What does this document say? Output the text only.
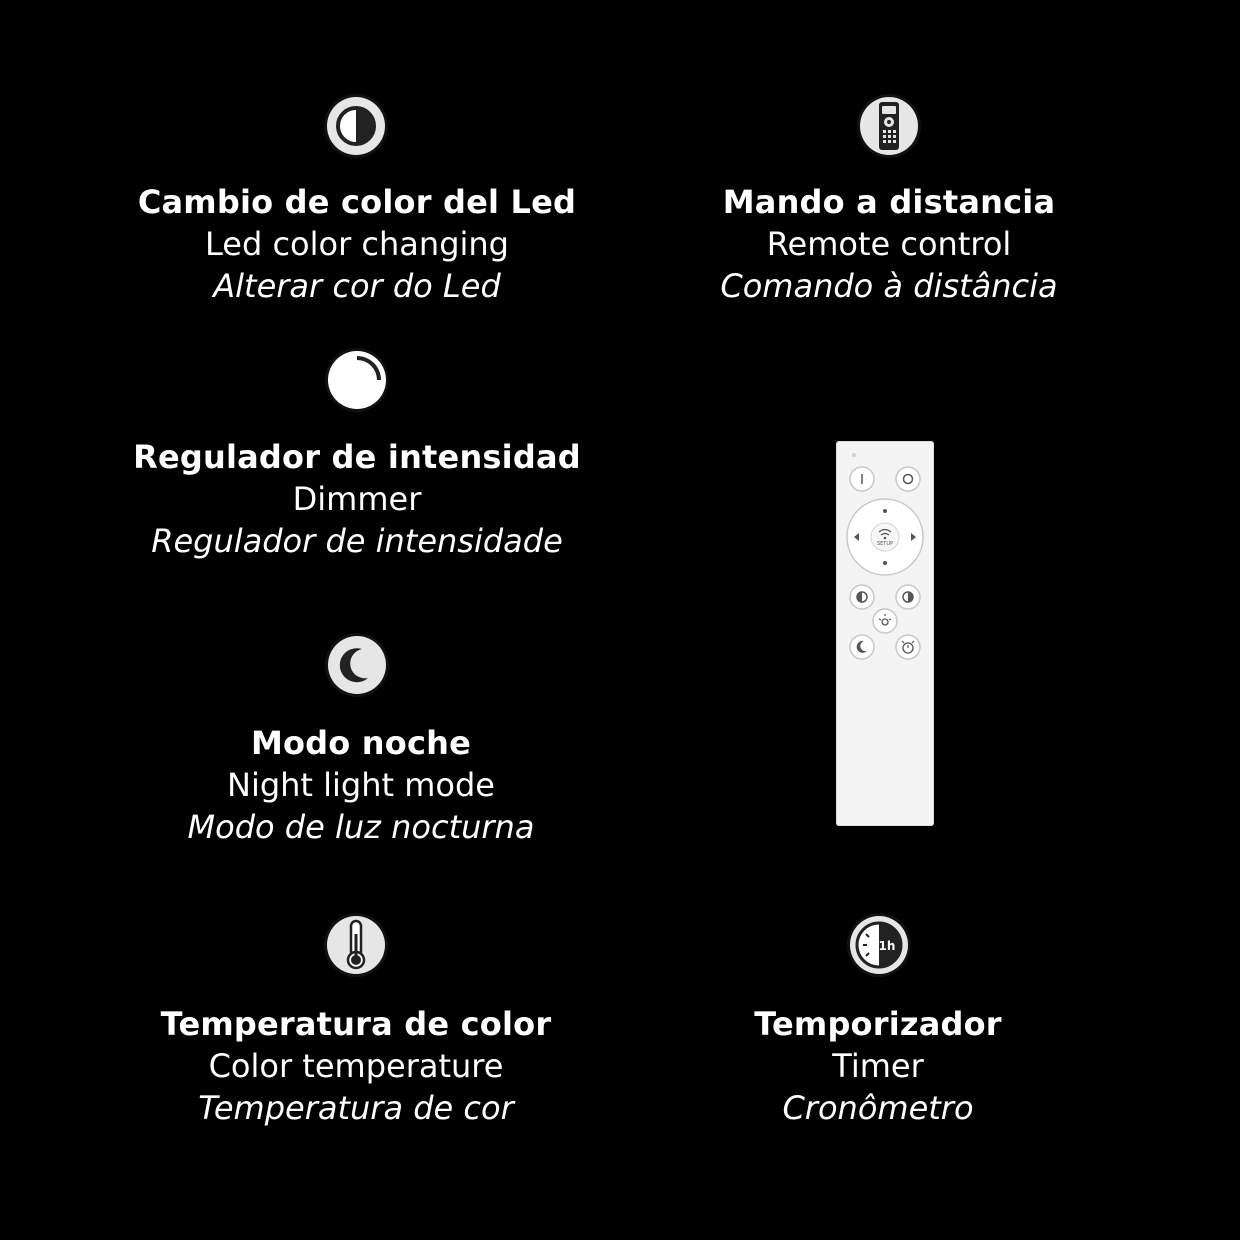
Cambio de color del Led
Led color changing
Alterar cor do Led
Mando a distancia
Remote control
Comando à distância
Regulador de intensidad
Dimmer
Regulador de intensidade
Modo noche
Night light mode
Modo de luz nocturna
Temperatura de color
Color temperature
Temperatura de cor
1h
Temporizador
Timer
Cronômetro
SETUP
